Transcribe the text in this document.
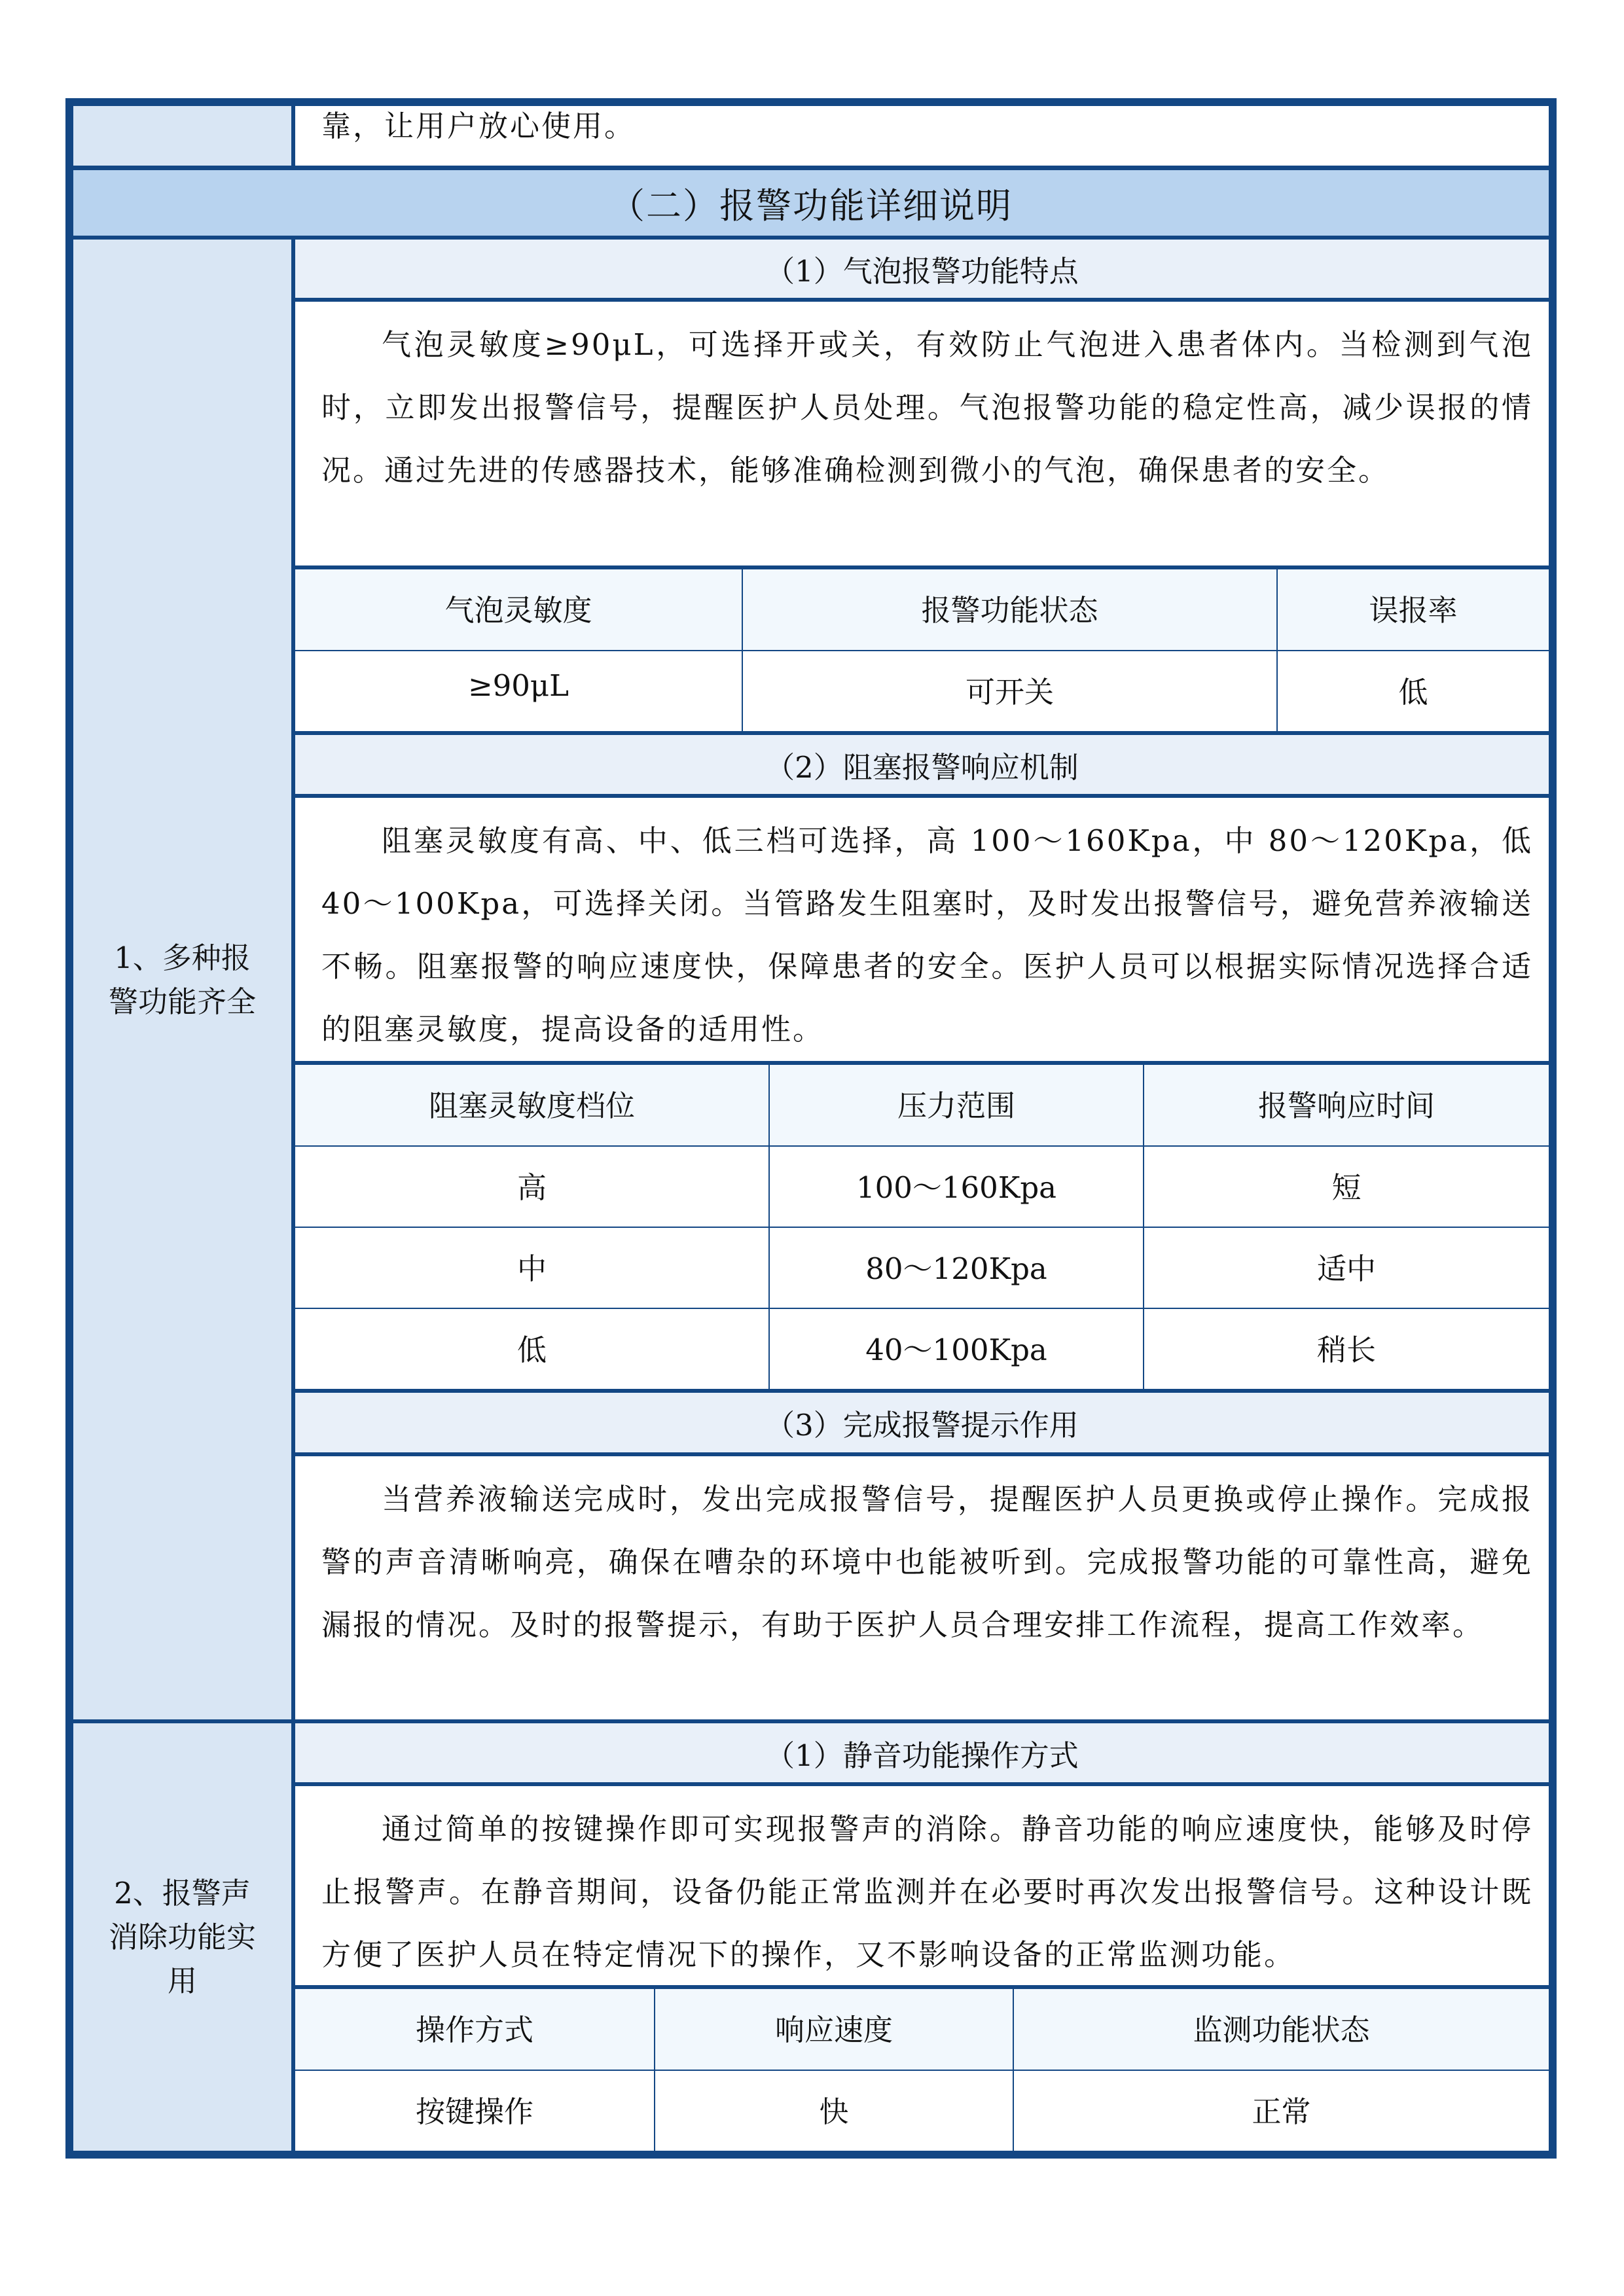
靠，让用户放心使用。
（二）报警功能详细说明
1、多种报
警功能齐全
（1）气泡报警功能特点
气泡灵敏度≥90μL，可选择开或关，有效防止气泡进入患者体内。当检测到气泡时，立即发出报警信号，提醒医护人员处理。气泡报警功能的稳定性高，减少误报的情况。通过先进的传感器技术，能够准确检测到微小的气泡，确保患者的安全。
气泡灵敏度	报警功能状态	误报率
≥90μL	可开关	低
（2）阻塞报警响应机制
阻塞灵敏度有高、中、低三档可选择，高 100～160Kpa，中 80～120Kpa，低 40～100Kpa，可选择关闭。当管路发生阻塞时，及时发出报警信号，避免营养液输送不畅。阻塞报警的响应速度快，保障患者的安全。医护人员可以根据实际情况选择合适的阻塞灵敏度，提高设备的适用性。
阻塞灵敏度档位	压力范围	报警响应时间
高	100～160Kpa	短
中	80～120Kpa	适中
低	40～100Kpa	稍长
（3）完成报警提示作用
当营养液输送完成时，发出完成报警信号，提醒医护人员更换或停止操作。完成报警的声音清晰响亮，确保在嘈杂的环境中也能被听到。完成报警功能的可靠性高，避免漏报的情况。及时的报警提示，有助于医护人员合理安排工作流程，提高工作效率。
2、报警声
消除功能实
用
（1）静音功能操作方式
通过简单的按键操作即可实现报警声的消除。静音功能的响应速度快，能够及时停止报警声。在静音期间，设备仍能正常监测并在必要时再次发出报警信号。这种设计既方便了医护人员在特定情况下的操作，又不影响设备的正常监测功能。
操作方式	响应速度	监测功能状态
按键操作	快	正常
